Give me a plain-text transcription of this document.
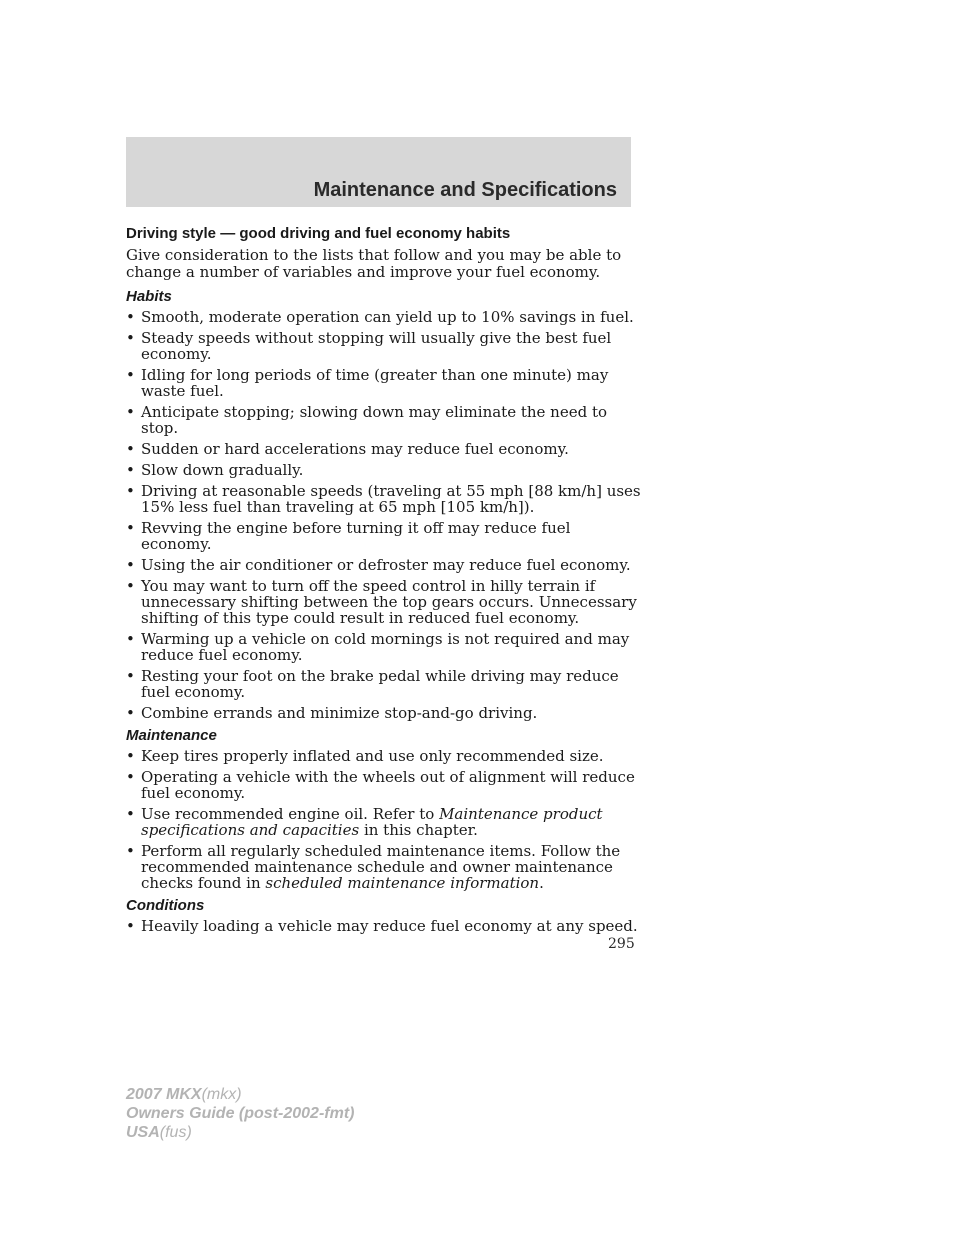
Maintenance and Specifications
Driving style — good driving and fuel economy habits

Give consideration to the lists that follow and you may be able to change a number of variables and improve your fuel economy.

Habits
• Smooth, moderate operation can yield up to 10% savings in fuel.
• Steady speeds without stopping will usually give the best fuel economy.
• Idling for long periods of time (greater than one minute) may waste fuel.
• Anticipate stopping; slowing down may eliminate the need to stop.
• Sudden or hard accelerations may reduce fuel economy.
• Slow down gradually.
• Driving at reasonable speeds (traveling at 55 mph [88 km/h] uses 15% less fuel than traveling at 65 mph [105 km/h]).
• Revving the engine before turning it off may reduce fuel economy.
• Using the air conditioner or defroster may reduce fuel economy.
• You may want to turn off the speed control in hilly terrain if unnecessary shifting between the top gears occurs. Unnecessary shifting of this type could result in reduced fuel economy.
• Warming up a vehicle on cold mornings is not required and may reduce fuel economy.
• Resting your foot on the brake pedal while driving may reduce fuel economy.
• Combine errands and minimize stop-and-go driving.
Maintenance
• Keep tires properly inflated and use only recommended size.
• Operating a vehicle with the wheels out of alignment will reduce fuel economy.
• Use recommended engine oil. Refer to Maintenance product specifications and capacities in this chapter.
• Perform all regularly scheduled maintenance items. Follow the recommended maintenance schedule and owner maintenance checks found in scheduled maintenance information.
Conditions
• Heavily loading a vehicle may reduce fuel economy at any speed.
295
2007 MKX(mkx)
Owners Guide (post-2002-fmt)
USA(fus)
